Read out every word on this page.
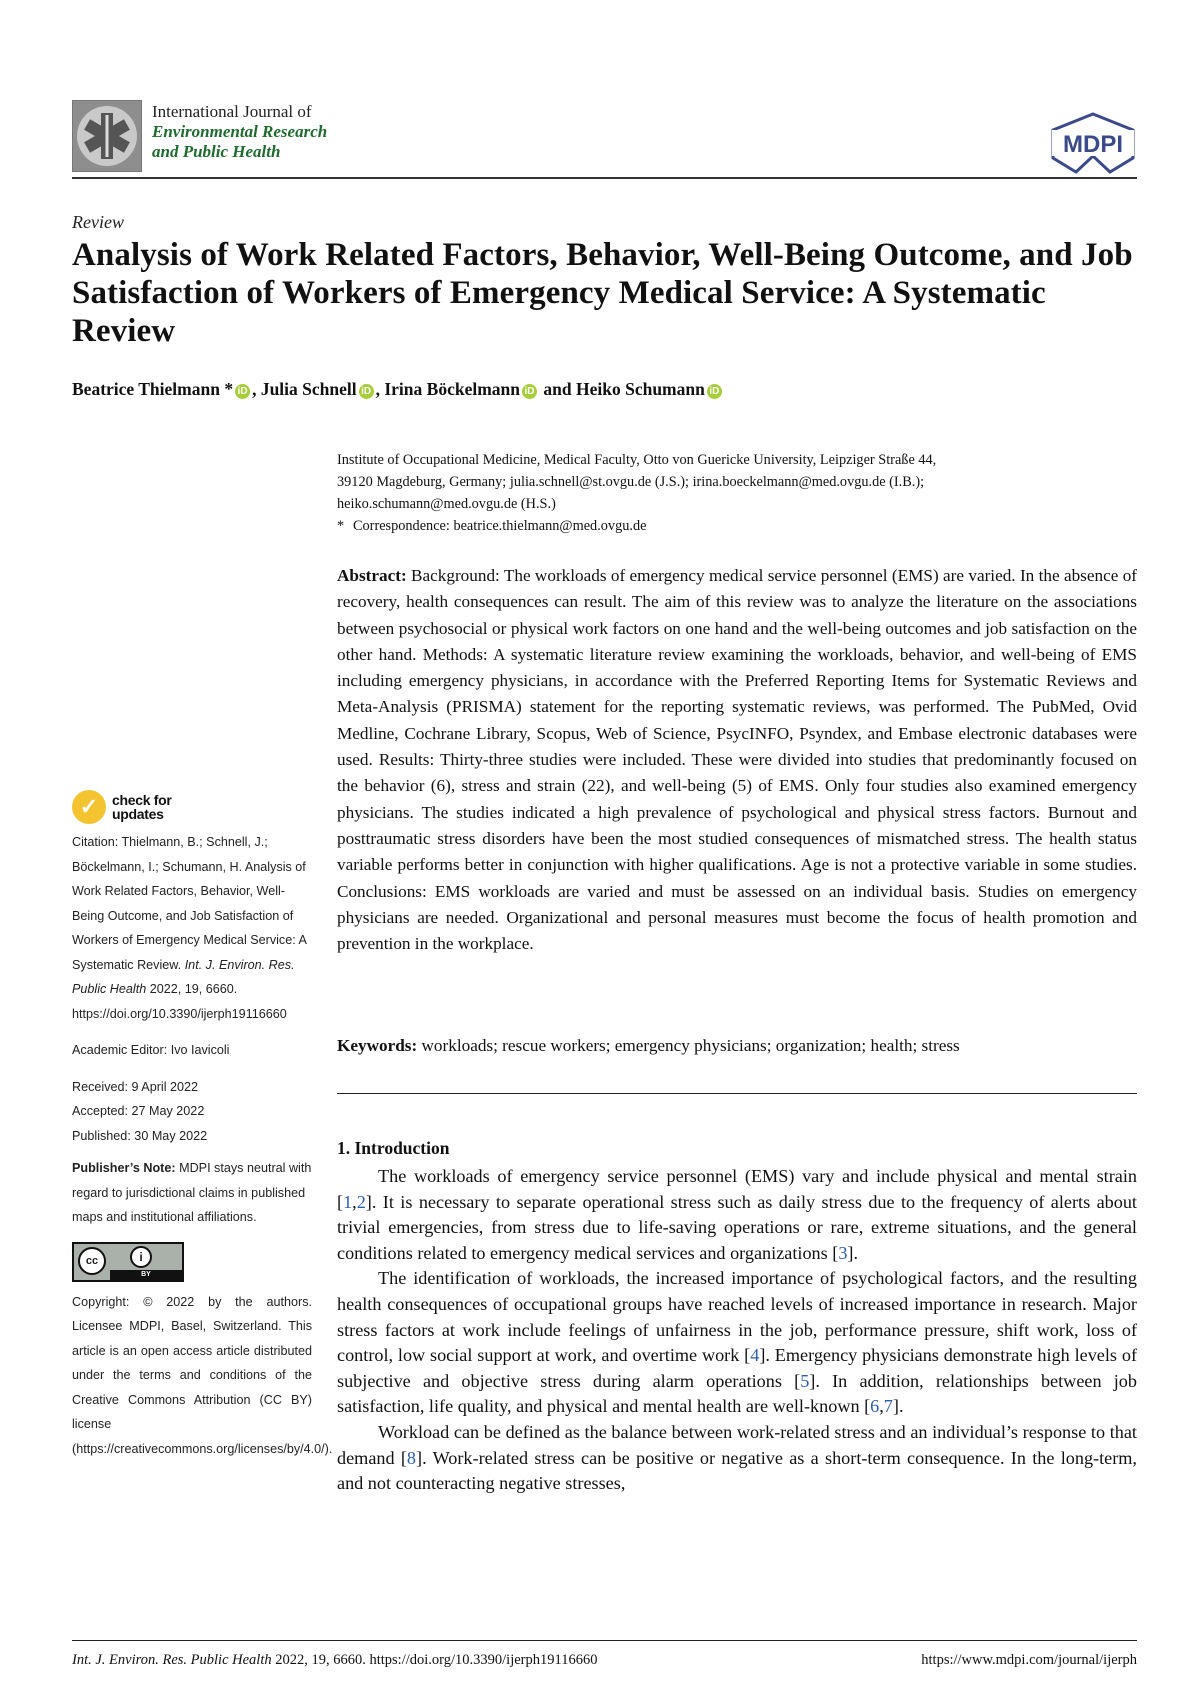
International Journal of
Environmental Research
and Public Health	MDPI
Review
Analysis of Work Related Factors, Behavior, Well-Being Outcome, and Job Satisfaction of Workers of Emergency Medical Service: A Systematic Review
Beatrice Thielmann * iD , Julia Schnell iD , Irina Böckelmann iD and Heiko Schumann iD
Institute of Occupational Medicine, Medical Faculty, Otto von Guericke University, Leipziger Straße 44,
39120 Magdeburg, Germany; julia.schnell@st.ovgu.de (J.S.); irina.boeckelmann@med.ovgu.de (I.B.);
heiko.schumann@med.ovgu.de (H.S.)
* Correspondence: beatrice.thielmann@med.ovgu.de
Abstract: Background: The workloads of emergency medical service personnel (EMS) are varied. In the absence of recovery, health consequences can result. The aim of this review was to analyze the literature on the associations between psychosocial or physical work factors on one hand and the well-being outcomes and job satisfaction on the other hand. Methods: A systematic literature review examining the workloads, behavior, and well-being of EMS including emergency physicians, in accordance with the Preferred Reporting Items for Systematic Reviews and Meta-Analysis (PRISMA) statement for the reporting systematic reviews, was performed. The PubMed, Ovid Medline, Cochrane Library, Scopus, Web of Science, PsycINFO, Psyndex, and Embase electronic databases were used. Results: Thirty-three studies were included. These were divided into studies that predominantly focused on the behavior (6), stress and strain (22), and well-being (5) of EMS. Only four studies also examined emergency physicians. The studies indicated a high prevalence of psychological and physical stress factors. Burnout and posttraumatic stress disorders have been the most studied consequences of mismatched stress. The health status variable performs better in conjunction with higher qualifications. Age is not a protective variable in some studies. Conclusions: EMS workloads are varied and must be assessed on an individual basis. Studies on emergency physicians are needed. Organizational and personal measures must become the focus of health promotion and prevention in the workplace.
Keywords: workloads; rescue workers; emergency physicians; organization; health; stress
1. Introduction

The workloads of emergency service personnel (EMS) vary and include physical and mental strain [1,2]. It is necessary to separate operational stress such as daily stress due to the frequency of alerts about trivial emergencies, from stress due to life-saving operations or rare, extreme situations, and the general conditions related to emergency medical services and organizations [3].

The identification of workloads, the increased importance of psychological factors, and the resulting health consequences of occupational groups have reached levels of increased importance in research. Major stress factors at work include feelings of unfairness in the job, performance pressure, shift work, loss of control, low social support at work, and overtime work [4]. Emergency physicians demonstrate high levels of subjective and objective stress during alarm operations [5]. In addition, relationships between job satisfaction, life quality, and physical and mental health are well-known [6,7].

Workload can be defined as the balance between work-related stress and an individual’s response to that demand [8]. Work-related stress can be positive or negative as a short-term consequence. In the long-term, and not counteracting negative stresses,

✓ check for
updates

Citation: Thielmann, B.; Schnell, J.; Böckelmann, I.; Schumann, H. Analysis of Work Related Factors, Behavior, Well-Being Outcome, and Job Satisfaction of Workers of Emergency Medical Service: A Systematic Review. Int. J. Environ. Res. Public Health 2022, 19, 6660. https://doi.org/10.3390/ijerph19116660

Academic Editor: Ivo Iavicoli

Received: 9 April 2022
Accepted: 27 May 2022
Published: 30 May 2022

Publisher’s Note: MDPI stays neutral with regard to jurisdictional claims in published maps and institutional affiliations.

cc	i
BY

Copyright: © 2022 by the authors. Licensee MDPI, Basel, Switzerland. This article is an open access article distributed under the terms and conditions of the Creative Commons Attribution (CC BY) license (https://creativecommons.org/licenses/by/4.0/).

Int. J. Environ. Res. Public Health 2022, 19, 6660. https://doi.org/10.3390/ijerph19116660	https://www.mdpi.com/journal/ijerph
